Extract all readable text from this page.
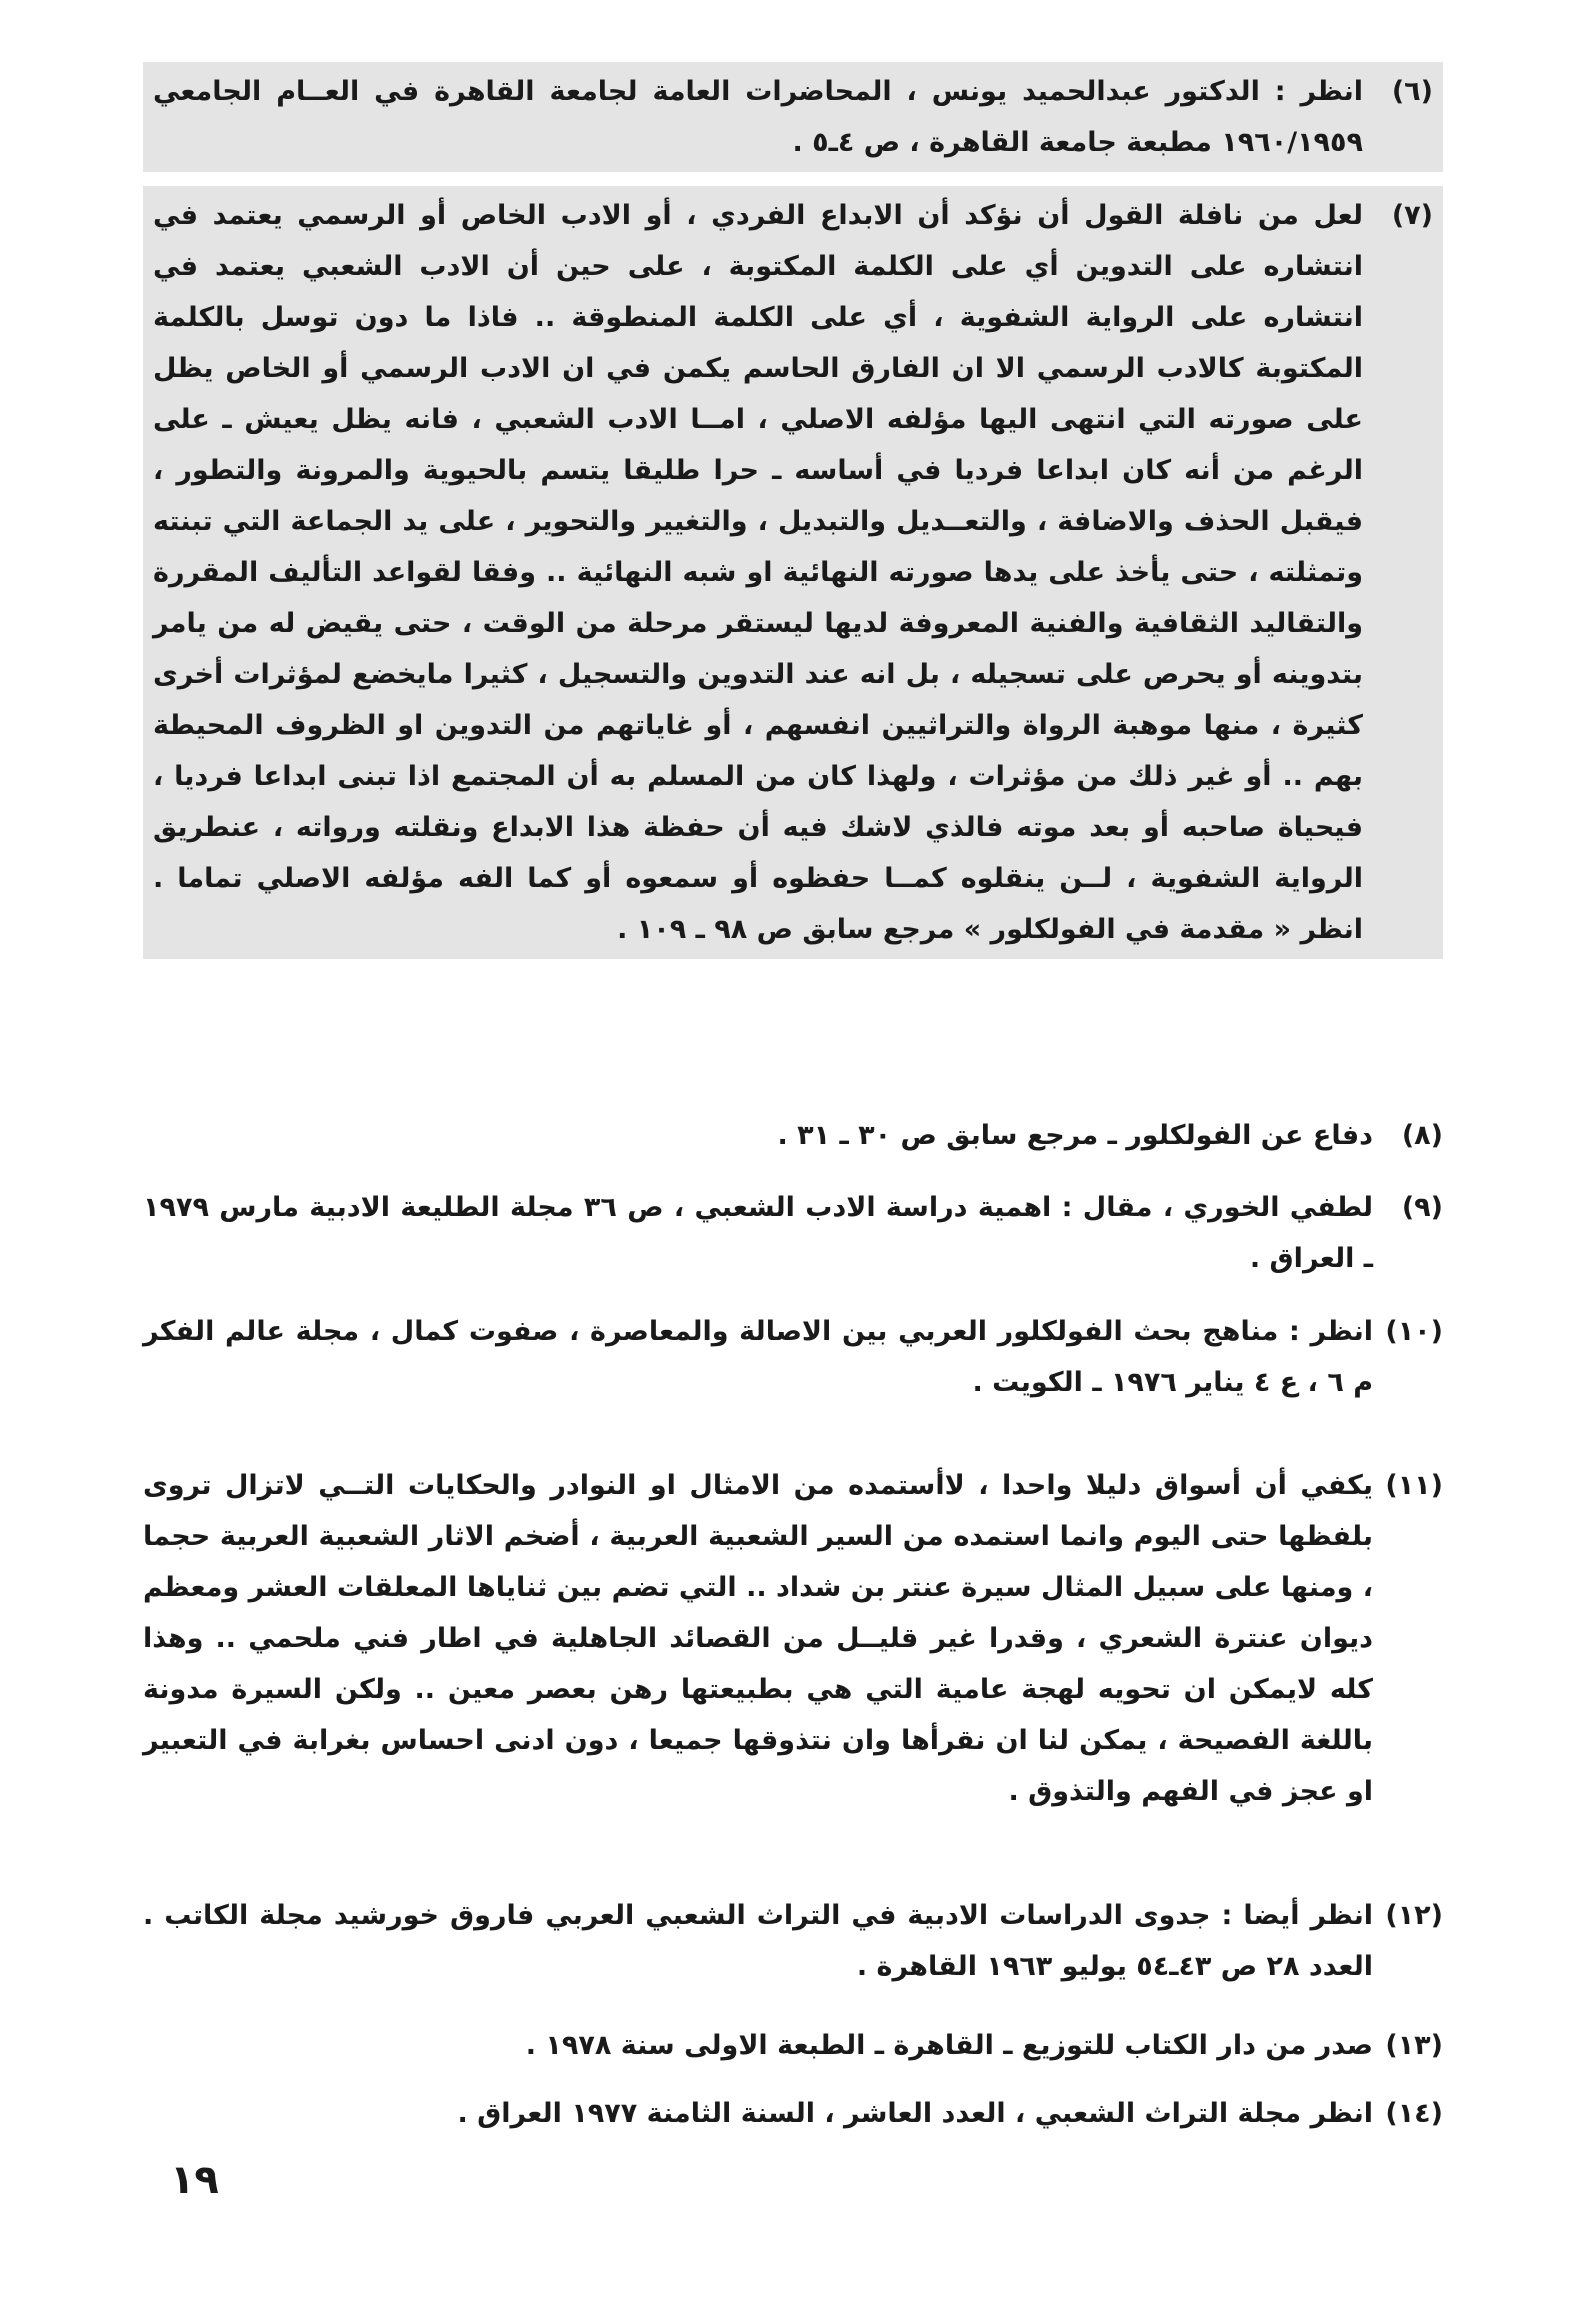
(٦)
انظر : الدكتور عبدالحميد يونس ، المحاضرات العامة لجامعة القاهرة في العــام الجامعي ١٩٦٠/١٩٥٩ مطبعة جامعة القاهرة ، ص ٤ـ٥ .
(٧)
لعل من نافلة القول أن نؤكد أن الابداع الفردي ، أو الادب الخاص أو الرسمي يعتمد في انتشاره على التدوين أي على الكلمة المكتوبة ، على حين أن الادب الشعبي يعتمد في انتشاره على الرواية الشفوية ، أي على الكلمة المنطوقة .. فاذا ما دون توسل بالكلمة المكتوبة كالادب الرسمي الا ان الفارق الحاسم يكمن في ان الادب الرسمي أو الخاص يظل على صورته التي انتهى اليها مؤلفه الاصلي ، امــا الادب الشعبي ، فانه يظل يعيش ـ على الرغم من أنه كان ابداعا فرديا في أساسه ـ حرا طليقا يتسم بالحيوية والمرونة والتطور ، فيقبل الحذف والاضافة ، والتعــديل والتبديل ، والتغيير والتحوير ، على يد الجماعة التي تبنته وتمثلته ، حتى يأخذ على يدها صورته النهائية او شبه النهائية .. وفقا لقواعد التأليف المقررة والتقاليد الثقافية والفنية المعروفة لديها ليستقر مرحلة من الوقت ، حتى يقيض له من يامر بتدوينه أو يحرص على تسجيله ، بل انه عند التدوين والتسجيل ، كثيرا مايخضع لمؤثرات أخرى كثيرة ، منها موهبة الرواة والتراثيين انفسهم ، أو غاياتهم من التدوين او الظروف المحيطة بهم .. أو غير ذلك من مؤثرات ، ولهذا كان من المسلم به أن المجتمع اذا تبنى ابداعا فرديا ، فيحياة صاحبه أو بعد موته فالذي لاشك فيه أن حفظة هذا الابداع ونقلته ورواته ، عنطريق الرواية الشفوية ، لــن ينقلوه كمــا حفظوه أو سمعوه أو كما الفه مؤلفه الاصلي تماما . انظر « مقدمة في الفولكلور » مرجع سابق ص ٩٨ ـ ١٠٩ .
(٨)
دفاع عن الفولكلور ـ مرجع سابق ص ٣٠ ـ ٣١ .
(٩)
لطفي الخوري ، مقال : اهمية دراسة الادب الشعبي ، ص ٣٦ مجلة الطليعة الادبية مارس ١٩٧٩ ـ العراق .
(١٠)
انظر : مناهج بحث الفولكلور العربي بين الاصالة والمعاصرة ، صفوت كمال ، مجلة عالم الفكر م ٦ ، ع ٤ يناير ١٩٧٦ ـ الكويت .
(١١)
يكفي أن أسواق دليلا واحدا ، لاأستمده من الامثال او النوادر والحكايات التــي لاتزال تروى بلفظها حتى اليوم وانما استمده من السير الشعبية العربية ، أضخم الاثار الشعبية العربية حجما ، ومنها على سبيل المثال سيرة عنتر بن شداد .. التي تضم بين ثناياها المعلقات العشر ومعظم ديوان عنترة الشعري ، وقدرا غير قليــل من القصائد الجاهلية في اطار فني ملحمي .. وهذا كله لايمكن ان تحويه لهجة عامية التي هي بطبيعتها رهن بعصر معين .. ولكن السيرة مدونة باللغة الفصيحة ، يمكن لنا ان نقرأها وان نتذوقها جميعا ، دون ادنى احساس بغرابة في التعبير او عجز في الفهم والتذوق .
(١٢)
انظر أيضا : جدوى الدراسات الادبية في التراث الشعبي العربي فاروق خورشيد مجلة الكاتب . العدد ٢٨ ص ٤٣ـ٥٤ يوليو ١٩٦٣ القاهرة .
(١٣)
صدر من دار الكتاب للتوزيع ـ القاهرة ـ الطبعة الاولى سنة ١٩٧٨ .
(١٤)
انظر مجلة التراث الشعبي ، العدد العاشر ، السنة الثامنة ١٩٧٧ العراق .
١٩
